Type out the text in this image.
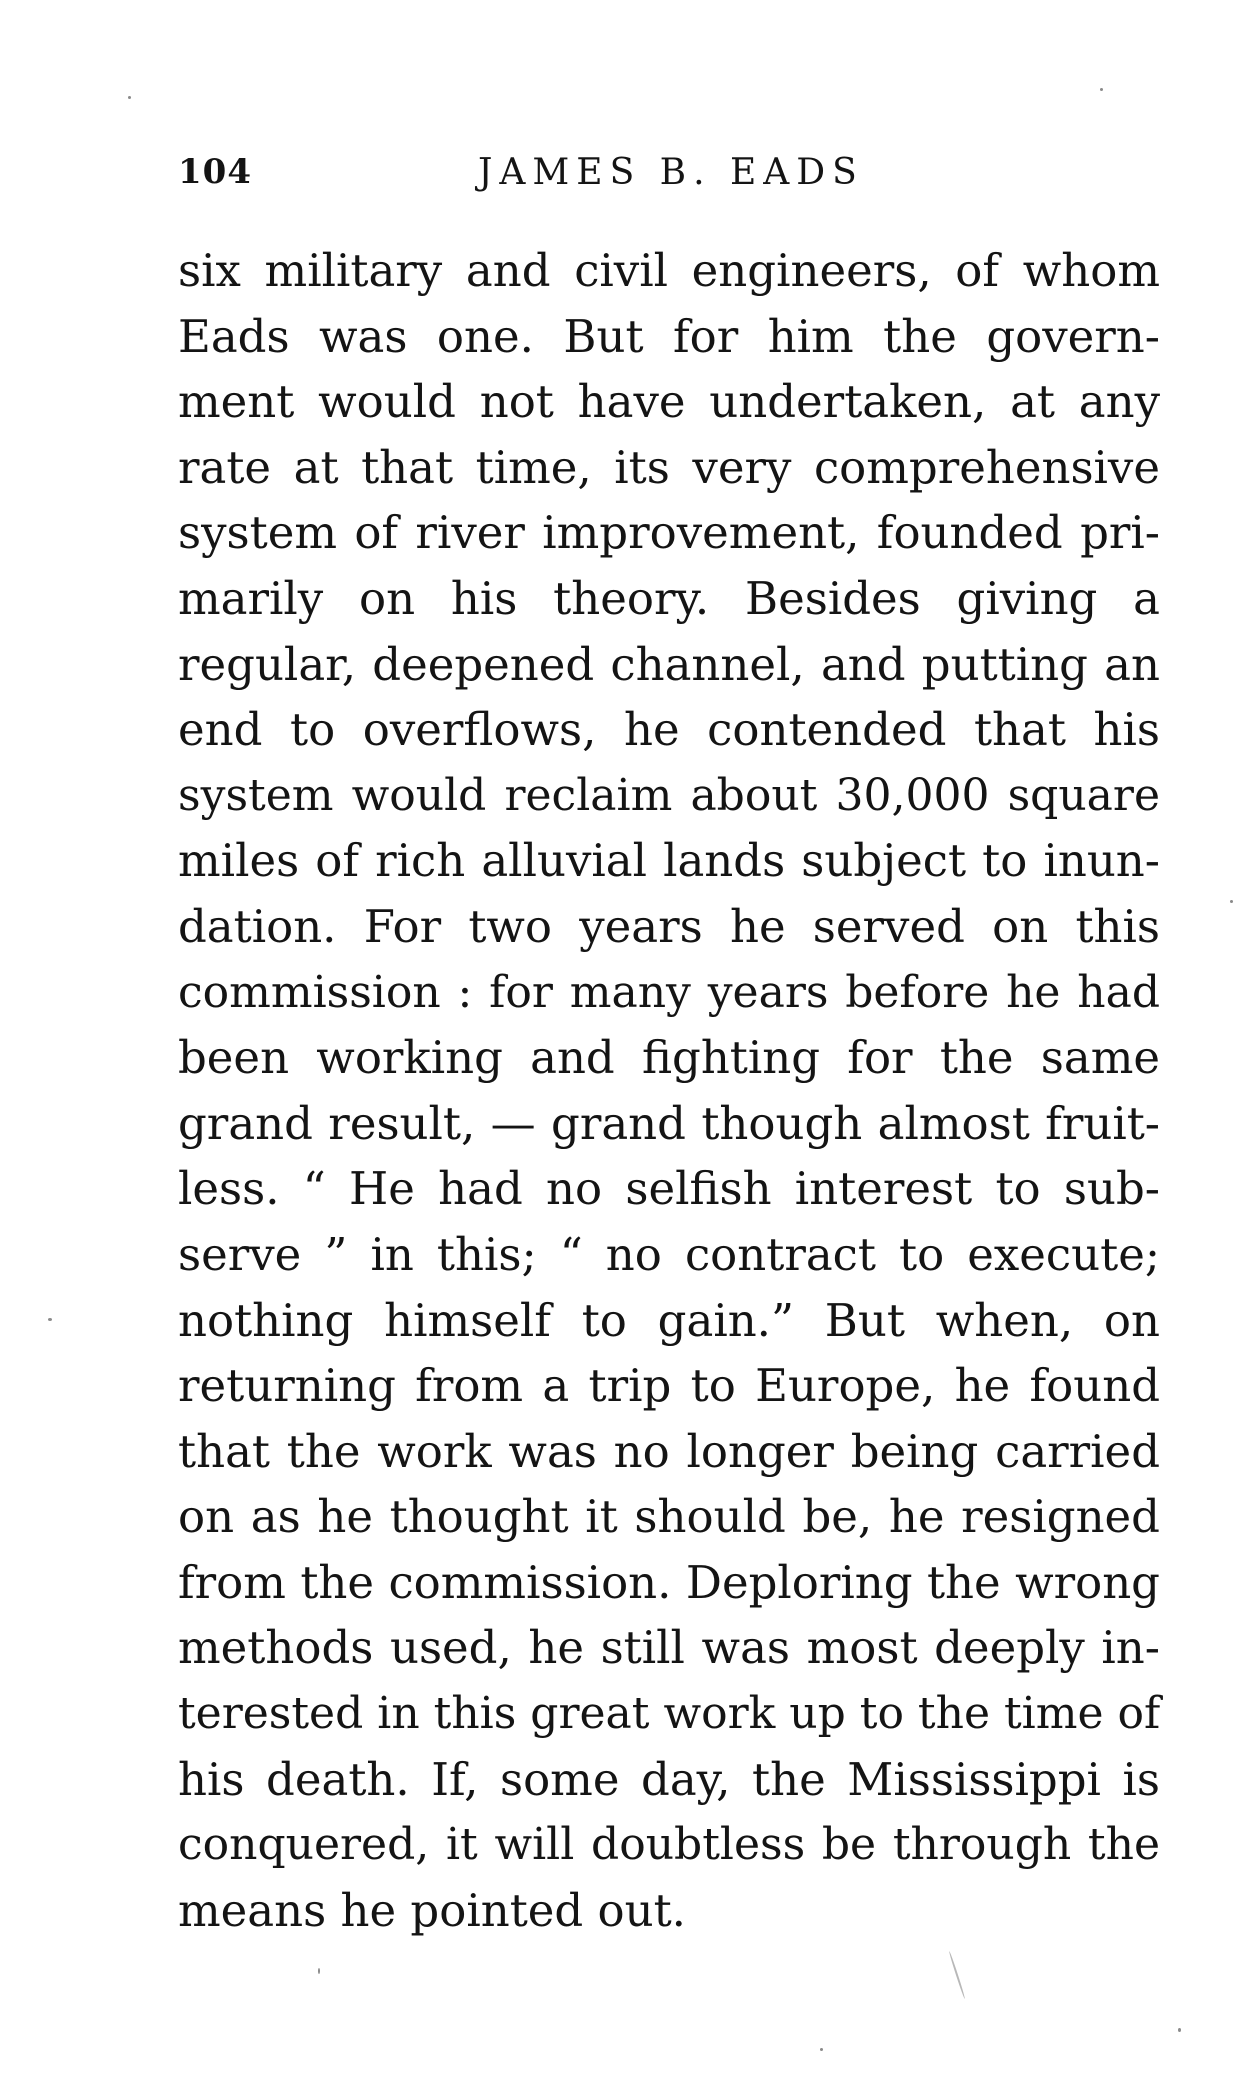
104	JAMES B. EADS
six military and civil engineers, of whom
Eads was one. But for him the govern-
ment would not have undertaken, at any
rate at that time, its very comprehensive
system of river improvement, founded pri-
marily on his theory. Besides giving a
regular, deepened channel, and putting an
end to overflows, he contended that his
system would reclaim about 30,000 square
miles of rich alluvial lands subject to inun-
dation. For two years he served on this
commission : for many years before he had
been working and fighting for the same
grand result, — grand though almost fruit-
less. “ He had no selfish interest to sub-
serve ” in this; “ no contract to execute;
nothing himself to gain.” But when, on
returning from a trip to Europe, he found
that the work was no longer being carried
on as he thought it should be, he resigned
from the commission. Deploring the wrong
methods used, he still was most deeply in-
terested in this great work up to the time of
his death. If, some day, the Mississippi is
conquered, it will doubtless be through the
means he pointed out.
